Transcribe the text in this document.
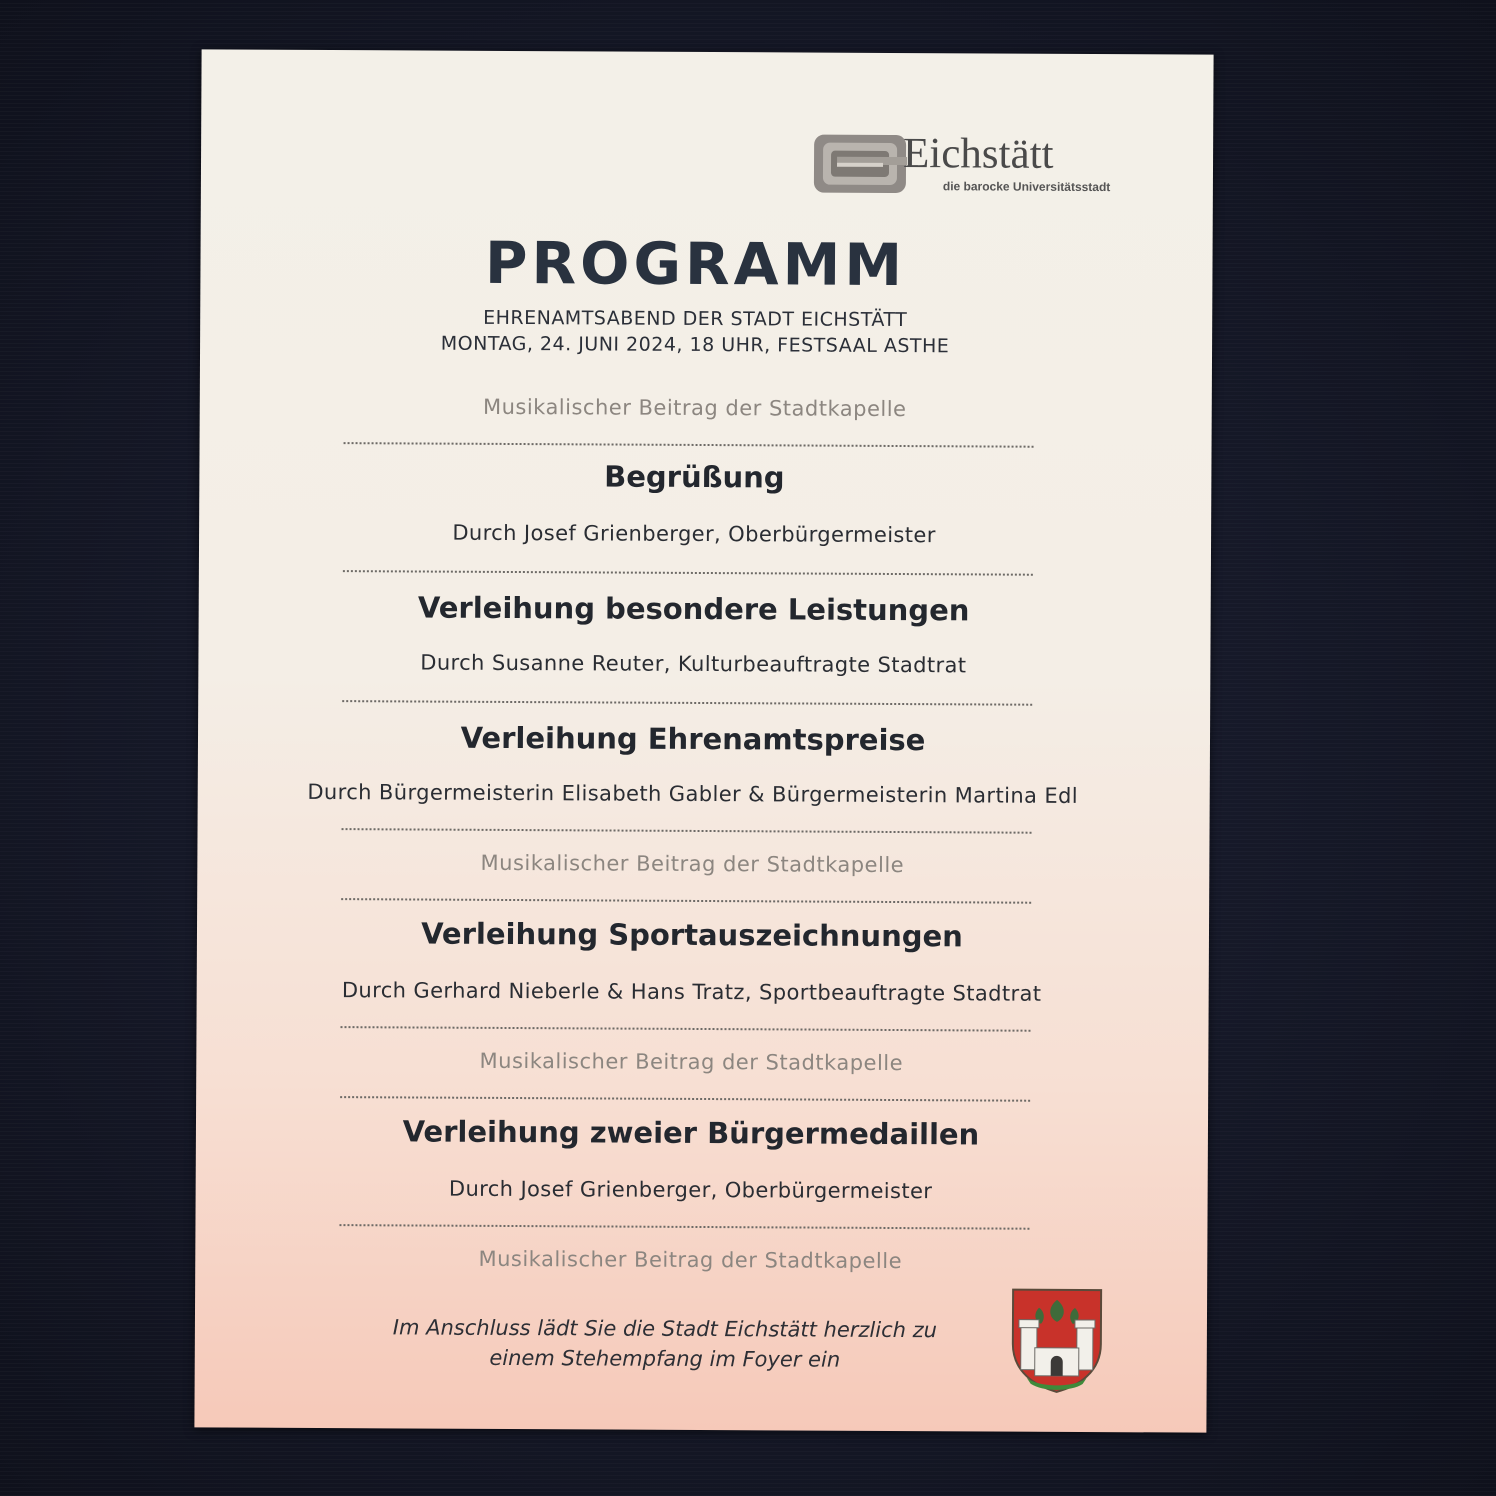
Eichstätt
die barocke Universitätsstadt
PROGRAMM
EHRENAMTSABEND DER STADT EICHSTÄTT
MONTAG, 24. JUNI 2024, 18 UHR, FESTSAAL ASTHE
Musikalischer Beitrag der Stadtkapelle
Begrüßung
Durch Josef Grienberger, Oberbürgermeister
Verleihung besondere Leistungen
Durch Susanne Reuter, Kulturbeauftragte Stadtrat
Verleihung Ehrenamtspreise
Durch Bürgermeisterin Elisabeth Gabler & Bürgermeisterin Martina Edl
Musikalischer Beitrag der Stadtkapelle
Verleihung Sportauszeichnungen
Durch Gerhard Nieberle & Hans Tratz, Sportbeauftragte Stadtrat
Musikalischer Beitrag der Stadtkapelle
Verleihung zweier Bürgermedaillen
Durch Josef Grienberger, Oberbürgermeister
Musikalischer Beitrag der Stadtkapelle
Im Anschluss lädt Sie die Stadt Eichstätt herzlich zu
einem Stehempfang im Foyer ein
